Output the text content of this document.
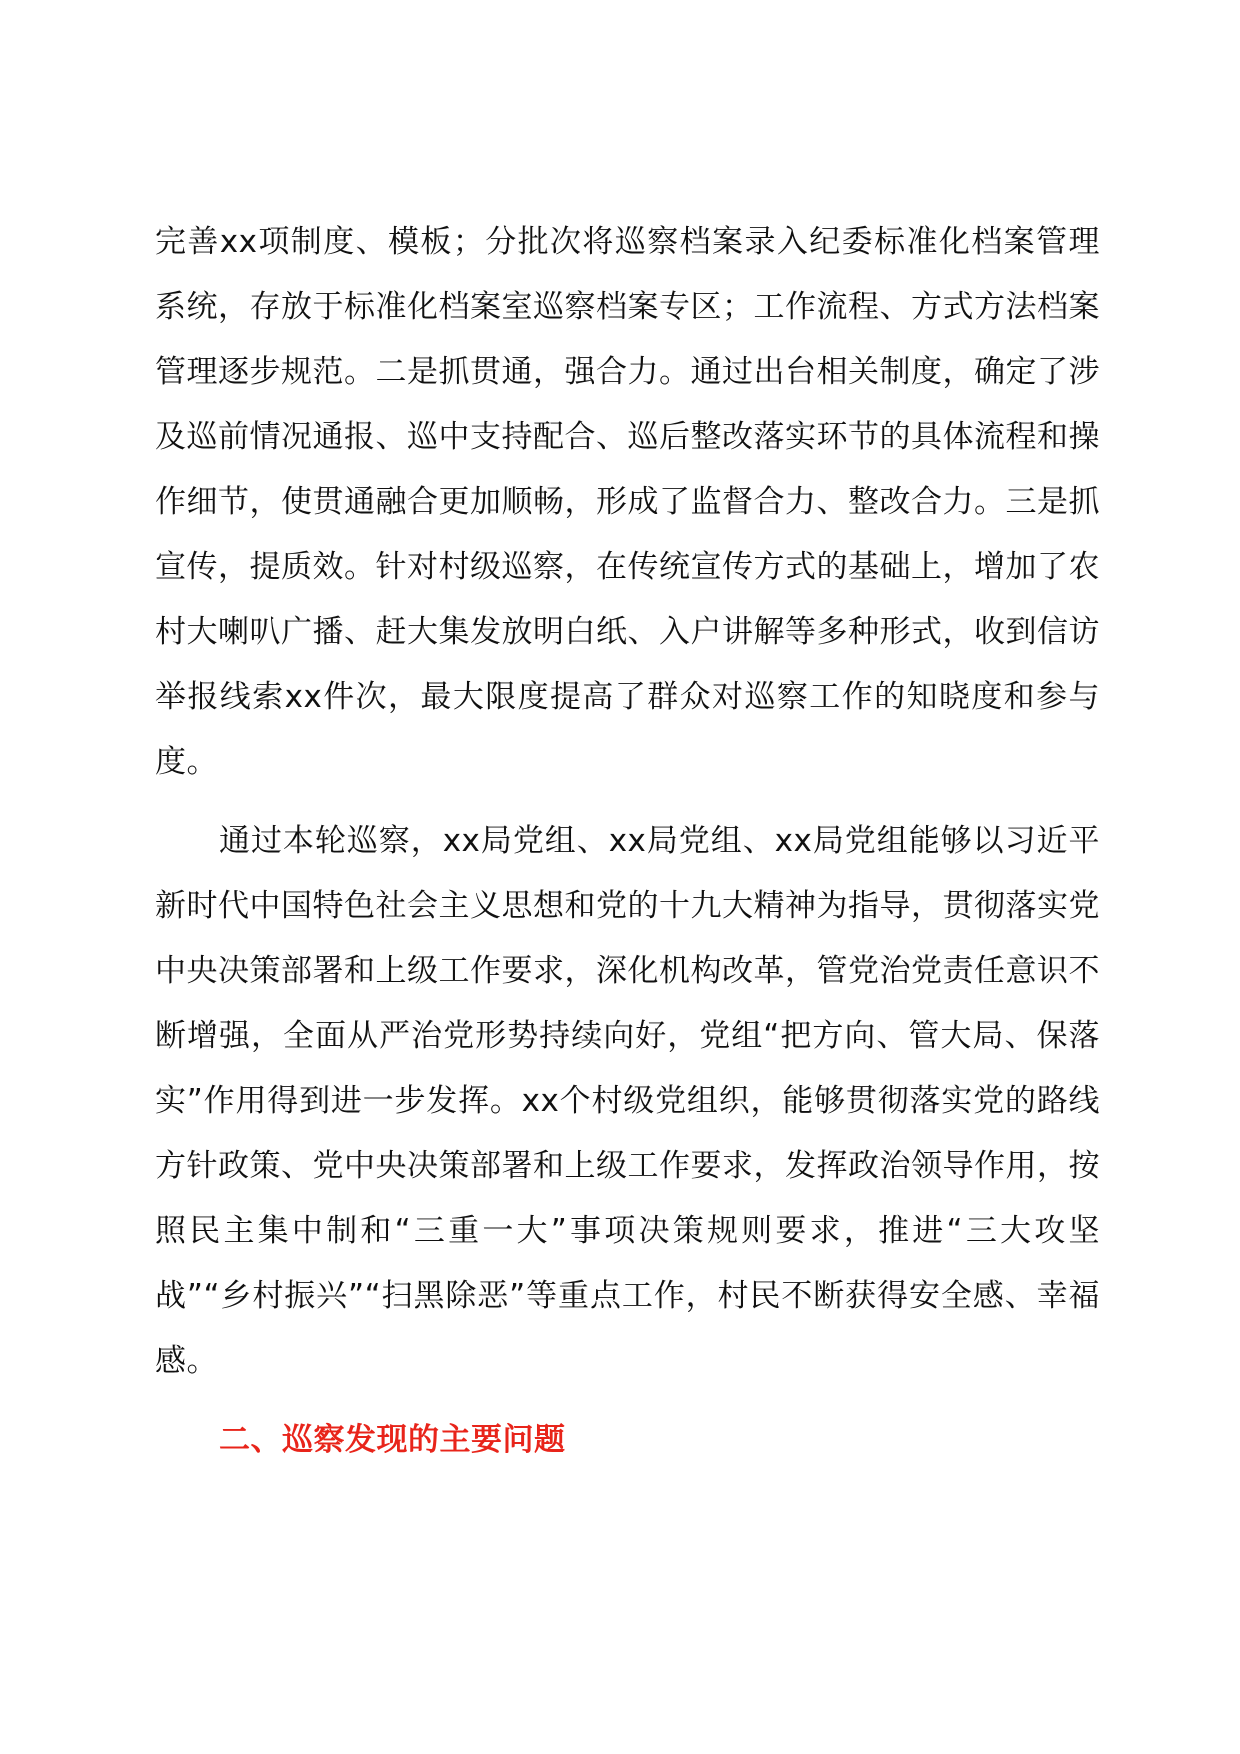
完善xx项制度、模板；分批次将巡察档案录入纪委标准化档案管理系统，存放于标准化档案室巡察档案专区；工作流程、方式方法档案管理逐步规范。二是抓贯通，强合力。通过出台相关制度，确定了涉及巡前情况通报、巡中支持配合、巡后整改落实环节的具体流程和操作细节，使贯通融合更加顺畅，形成了监督合力、整改合力。三是抓宣传，提质效。针对村级巡察，在传统宣传方式的基础上，增加了农村大喇叭广播、赶大集发放明白纸、入户讲解等多种形式，收到信访举报线索xx件次，最大限度提高了群众对巡察工作的知晓度和参与度。

通过本轮巡察，xx局党组、xx局党组、xx局党组能够以习近平新时代中国特色社会主义思想和党的十九大精神为指导，贯彻落实党中央决策部署和上级工作要求，深化机构改革，管党治党责任意识不断增强，全面从严治党形势持续向好，党组“把方向、管大局、保落实”作用得到进一步发挥。xx个村级党组织，能够贯彻落实党的路线方针政策、党中央决策部署和上级工作要求，发挥政治领导作用，按照民主集中制和“三重一大”事项决策规则要求，推进“三大攻坚战”“乡村振兴”“扫黑除恶”等重点工作，村民不断获得安全感、幸福感。

二、巡察发现的主要问题
